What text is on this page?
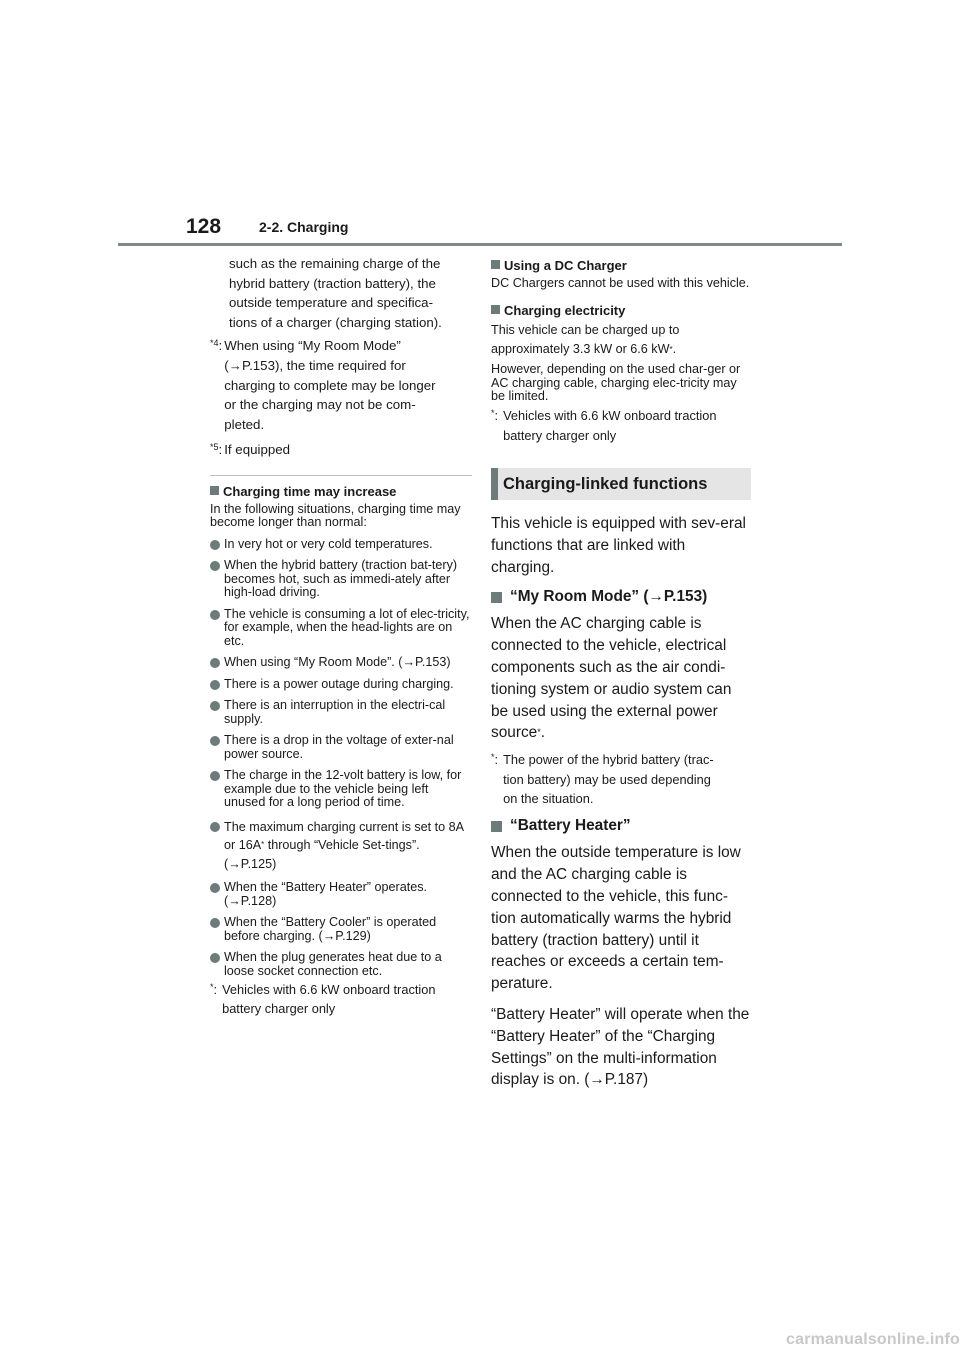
128	2-2. Charging
such as the remaining charge of the
hybrid battery (traction battery), the
outside temperature and specifica-
tions of a charger (charging station).
$^{*4}$: When using “My Room Mode”
(→P.153), the time required for
charging to complete may be longer
or the charging may not be com-
pleted.
$^{*5}$: If equipped
Charging time may increase
In the following situations, charging time may become longer than normal:
In very hot or very cold temperatures.
When the hybrid battery (traction bat-tery) becomes hot, such as immedi-ately after high-load driving.
The vehicle is consuming a lot of elec-tricity, for example, when the head-lights are on etc.
When using “My Room Mode”. (→P.153)
There is a power outage during charging.
There is an interruption in the electri-cal supply.
There is a drop in the voltage of exter-nal power source.
The charge in the 12-volt battery is low, for example due to the vehicle being left unused for a long period of time.
The maximum charging current is set to 8A or 16A* through “Vehicle Set-tings”. (→P.125)
When the “Battery Heater” operates. (→P.128)
When the “Battery Cooler” is operated before charging. (→P.129)
When the plug generates heat due to a loose socket connection etc.
*: Vehicles with 6.6 kW onboard traction
battery charger only
Using a DC Charger
DC Chargers cannot be used with this vehicle.
Charging electricity
This vehicle can be charged up to
approximately 3.3 kW or 6.6 kW*.
However, depending on the used char-ger or AC charging cable, charging elec-tricity may be limited.
*: Vehicles with 6.6 kW onboard traction
battery charger only
Charging-linked functions
This vehicle is equipped with sev-eral functions that are linked with charging.
“My Room Mode” (→P.153)
When the AC charging cable is connected to the vehicle, electrical components such as the air condi-tioning system or audio system can be used using the external power source*.
*: The power of the hybrid battery (trac-
tion battery) may be used depending
on the situation.
“Battery Heater”
When the outside temperature is low and the AC charging cable is connected to the vehicle, this func-tion automatically warms the hybrid battery (traction battery) until it reaches or exceeds a certain tem-perature.
“Battery Heater” will operate when the “Battery Heater” of the “Charging Settings” on the multi-information display is on. (→P.187)
carmanualsonline.info
